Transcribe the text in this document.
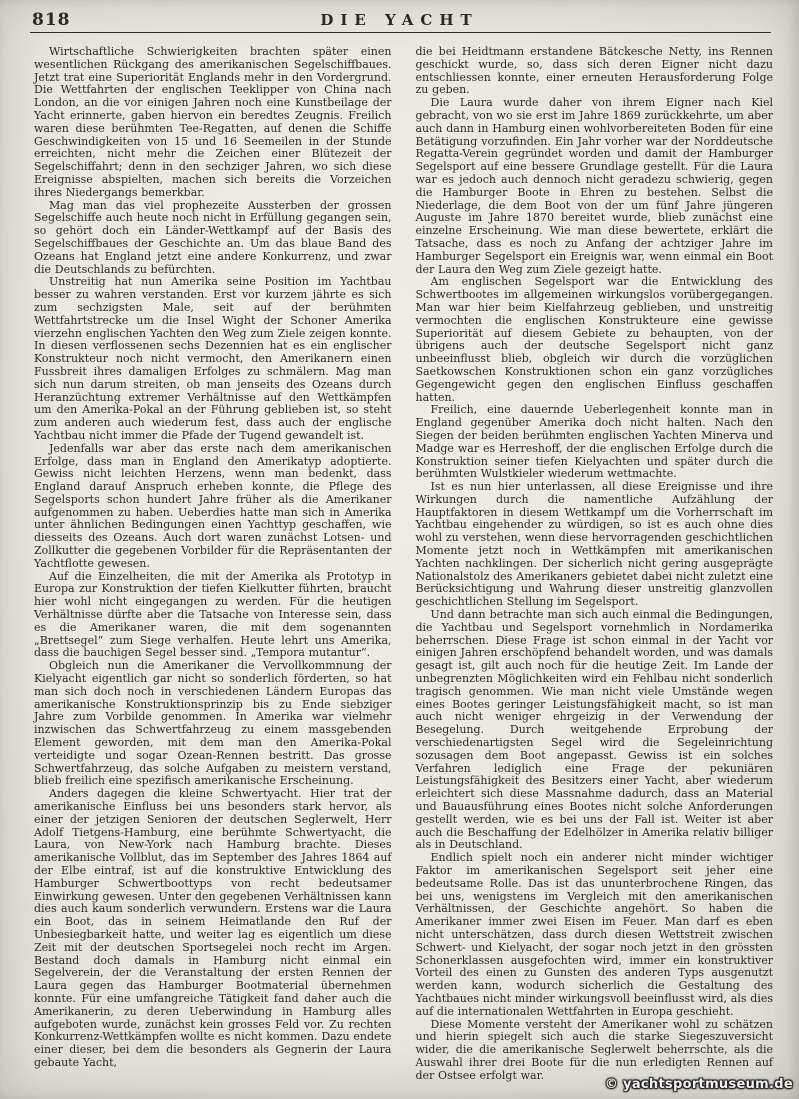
818	DIE YACHT

Wirtschaftliche Schwierigkeiten brachten später einen wesentlichen Rückgang des amerikanischen Segelschiffbaues. Jetzt trat eine Superiorität Englands mehr in den Vordergrund. Die Wettfahrten der englischen Teeklipper von China nach London, an die vor einigen Jahren noch eine Kunstbeilage der Yacht erinnerte, gaben hiervon ein beredtes Zeugnis. Freilich waren diese berühmten Tee-Regatten, auf denen die Schiffe Geschwindigkeiten von 15 und 16 Seemeilen in der Stunde erreichten, nicht mehr die Zeichen einer Blütezeit der Segelschiffahrt; denn in den sechziger Jahren, wo sich diese Ereignisse abspielten, machen sich bereits die Vorzeichen ihres Niedergangs bemerkbar.

Mag man das viel prophezeite Aussterben der grossen Segelschiffe auch heute noch nicht in Erfüllung gegangen sein, so gehört doch ein Länder-Wettkampf auf der Basis des Segelschiffbaues der Geschichte an. Um das blaue Band des Ozeans hat England jetzt eine andere Konkurrenz, und zwar die Deutschlands zu befürchten.

Unstreitig hat nun Amerika seine Position im Yachtbau besser zu wahren verstanden. Erst vor kurzem jährte es sich zum sechzigsten Male, seit auf der berühmten Wettfahrtstrecke um die Insel Wight der Schoner Amerika vierzehn englischen Yachten den Weg zum Ziele zeigen konnte. In diesen verflossenen sechs Dezennien hat es ein englischer Konstrukteur noch nicht vermocht, den Amerikanern einen Fussbreit ihres damaligen Erfolges zu schmälern. Mag man sich nun darum streiten, ob man jenseits des Ozeans durch Heranzüchtung extremer Verhältnisse auf den Wettkämpfen um den Amerika-Pokal an der Führung geblieben ist, so steht zum anderen auch wiederum fest, dass auch der englische Yachtbau nicht immer die Pfade der Tugend gewandelt ist.

Jedenfalls war aber das erste nach dem amerikanischen Erfolge, dass man in England den Amerikatyp adoptierte. Gewiss nicht leichten Herzens, wenn man bedenkt, dass England darauf Anspruch erheben konnte, die Pflege des Segelsports schon hundert Jahre früher als die Amerikaner aufgenommen zu haben. Ueberdies hatte man sich in Amerika unter ähnlichen Bedingungen einen Yachttyp geschaffen, wie diesseits des Ozeans. Auch dort waren zunächst Lotsen- und Zollkutter die gegebenen Vorbilder für die Repräsentanten der Yachtflotte gewesen.

Auf die Einzelheiten, die mit der Amerika als Prototyp in Europa zur Konstruktion der tiefen Kielkutter führten, braucht hier wohl nicht eingegangen zu werden. Für die heutigen Verhältnisse dürfte aber die Tatsache von Interesse sein, dass es die Amerikaner waren, die mit dem sogenannten „Brettsegel“ zum Siege verhalfen. Heute lehrt uns Amerika, dass die bauchigen Segel besser sind. „Tempora mutantur“.

Obgleich nun die Amerikaner die Vervollkommnung der Kielyacht eigentlich gar nicht so sonderlich förderten, so hat man sich doch noch in verschiedenen Ländern Europas das amerikanische Konstruktionsprinzip bis zu Ende siebziger Jahre zum Vorbilde genommen. In Amerika war vielmehr inzwischen das Schwertfahrzeug zu einem massgebenden Element geworden, mit dem man den Amerika-Pokal verteidigte und sogar Ozean-Rennen bestritt. Das grosse Schwertfahrzeug, das solche Aufgaben zu meistern verstand, blieb freilich eine spezifisch amerikanische Erscheinung.

Anders dagegen die kleine Schwertyacht. Hier trat der amerikanische Einfluss bei uns besonders stark hervor, als einer der jetzigen Senioren der deutschen Seglerwelt, Herr Adolf Tietgens-Hamburg, eine berühmte Schwertyacht, die Laura, von New-York nach Hamburg brachte. Dieses amerikanische Vollblut, das im September des Jahres 1864 auf der Elbe eintraf, ist auf die konstruktive Entwicklung des Hamburger Schwertboottyps von recht bedeutsamer Einwirkung gewesen. Unter den gegebenen Verhältnissen kann dies auch kaum sonderlich verwundern. Erstens war die Laura ein Boot, das in seinem Heimatlande den Ruf der Unbesiegbarkeit hatte, und weiter lag es eigentlich um diese Zeit mit der deutschen Sportsegelei noch recht im Argen. Bestand doch damals in Hamburg nicht einmal ein Segelverein, der die Veranstaltung der ersten Rennen der Laura gegen das Hamburger Bootmaterial übernehmen konnte. Für eine umfangreiche Tätigkeit fand daher auch die Amerikanerin, zu deren Ueberwindung in Hamburg alles aufgeboten wurde, zunächst kein grosses Feld vor. Zu rechten Konkurrenz-Wettkämpfen wollte es nicht kommen. Dazu endete einer dieser, bei dem die besonders als Gegnerin der Laura gebaute Yacht,

die bei Heidtmann erstandene Bätckesche Netty, ins Rennen geschickt wurde, so, dass sich deren Eigner nicht dazu entschliessen konnte, einer erneuten Herausforderung Folge zu geben.

Die Laura wurde daher von ihrem Eigner nach Kiel gebracht, von wo sie erst im Jahre 1869 zurückkehrte, um aber auch dann in Hamburg einen wohlvorbereiteten Boden für eine Betätigung vorzufinden. Ein Jahr vorher war der Norddeutsche Regatta-Verein gegründet worden und damit der Hamburger Segelsport auf eine bessere Grundlage gestellt. Für die Laura war es jedoch auch dennoch nicht geradezu schwierig, gegen die Hamburger Boote in Ehren zu bestehen. Selbst die Niederlage, die dem Boot von der um fünf Jahre jüngeren Auguste im Jahre 1870 bereitet wurde, blieb zunächst eine einzelne Erscheinung. Wie man diese bewertete, erklärt die Tatsache, dass es noch zu Anfang der achtziger Jahre im Hamburger Segelsport ein Ereignis war, wenn einmal ein Boot der Laura den Weg zum Ziele gezeigt hatte.

Am englischen Segelsport war die Entwicklung des Schwertbootes im allgemeinen wirkungslos vorübergegangen. Man war hier beim Kielfahrzeug geblieben, und unstreitig vermochten die englischen Konstrukteure eine gewisse Superiorität auf diesem Gebiete zu behaupten, von der übrigens auch der deutsche Segelsport nicht ganz unbeeinflusst blieb, obgleich wir durch die vorzüglichen Saetkowschen Konstruktionen schon ein ganz vorzügliches Gegengewicht gegen den englischen Einfluss geschaffen hatten.

Freilich, eine dauernde Ueberlegenheit konnte man in England gegenüber Amerika doch nicht halten. Nach den Siegen der beiden berühmten englischen Yachten Minerva und Madge war es Herreshoff, der die englischen Erfolge durch die Konstruktion seiner tiefen Kielyachten und später durch die berühmten Wulstkieler wiederum wettmachte.

Ist es nun hier unterlassen, all diese Ereignisse und ihre Wirkungen durch die namentliche Aufzählung der Hauptfaktoren in diesem Wettkampf um die Vorherrschaft im Yachtbau eingehender zu würdigen, so ist es auch ohne dies wohl zu verstehen, wenn diese hervorragenden geschichtlichen Momente jetzt noch in Wettkämpfen mit amerikanischen Yachten nachklingen. Der sicherlich nicht gering ausgeprägte Nationalstolz des Amerikaners gebietet dabei nicht zuletzt eine Berücksichtigung und Wahrung dieser unstreitig glanzvollen geschichtlichen Stellung im Segelsport.

Und dann betrachte man sich auch einmal die Bedingungen, die Yachtbau und Segelsport vornehmlich in Nordamerika beherrschen. Diese Frage ist schon einmal in der Yacht vor einigen Jahren erschöpfend behandelt worden, und was damals gesagt ist, gilt auch noch für die heutige Zeit. Im Lande der unbegrenzten Möglichkeiten wird ein Fehlbau nicht sonderlich tragisch genommen. Wie man nicht viele Umstände wegen eines Bootes geringer Leistungsfähigkeit macht, so ist man auch nicht weniger ehrgeizig in der Verwendung der Besegelung. Durch weitgehende Erprobung der verschiedenartigsten Segel wird die Segeleinrichtung sozusagen dem Boot angepasst. Gewiss ist ein solches Verfahren lediglich eine Frage der pekuniären Leistungsfähigkeit des Besitzers einer Yacht, aber wiederum erleichtert sich diese Massnahme dadurch, dass an Material und Bauausführung eines Bootes nicht solche Anforderungen gestellt werden, wie es bei uns der Fall ist. Weiter ist aber auch die Beschaffung der Edelhölzer in Amerika relativ billiger als in Deutschland.

Endlich spielt noch ein anderer nicht minder wichtiger Faktor im amerikanischen Segelsport seit jeher eine bedeutsame Rolle. Das ist das ununterbrochene Ringen, das bei uns, wenigstens im Vergleich mit den amerikanischen Verhältnissen, der Geschichte angehört. So haben die Amerikaner immer zwei Eisen im Feuer. Man darf es eben nicht unterschätzen, dass durch diesen Wettstreit zwischen Schwert- und Kielyacht, der sogar noch jetzt in den grössten Schonerklassen ausgefochten wird, immer ein konstruktiver Vorteil des einen zu Gunsten des anderen Typs ausgenutzt werden kann, wodurch sicherlich die Gestaltung des Yachtbaues nicht minder wirkungsvoll beeinflusst wird, als dies auf die internationalen Wettfahrten in Europa geschieht.

Diese Momente versteht der Amerikaner wohl zu schätzen und hierin spiegelt sich auch die starke Siegeszuversicht wider, die die amerikanische Seglerwelt beherrschte, als die Auswahl ihrer drei Boote für die nun erledigten Rennen auf der Ostsee erfolgt war.

© yachtsportmuseum.de
